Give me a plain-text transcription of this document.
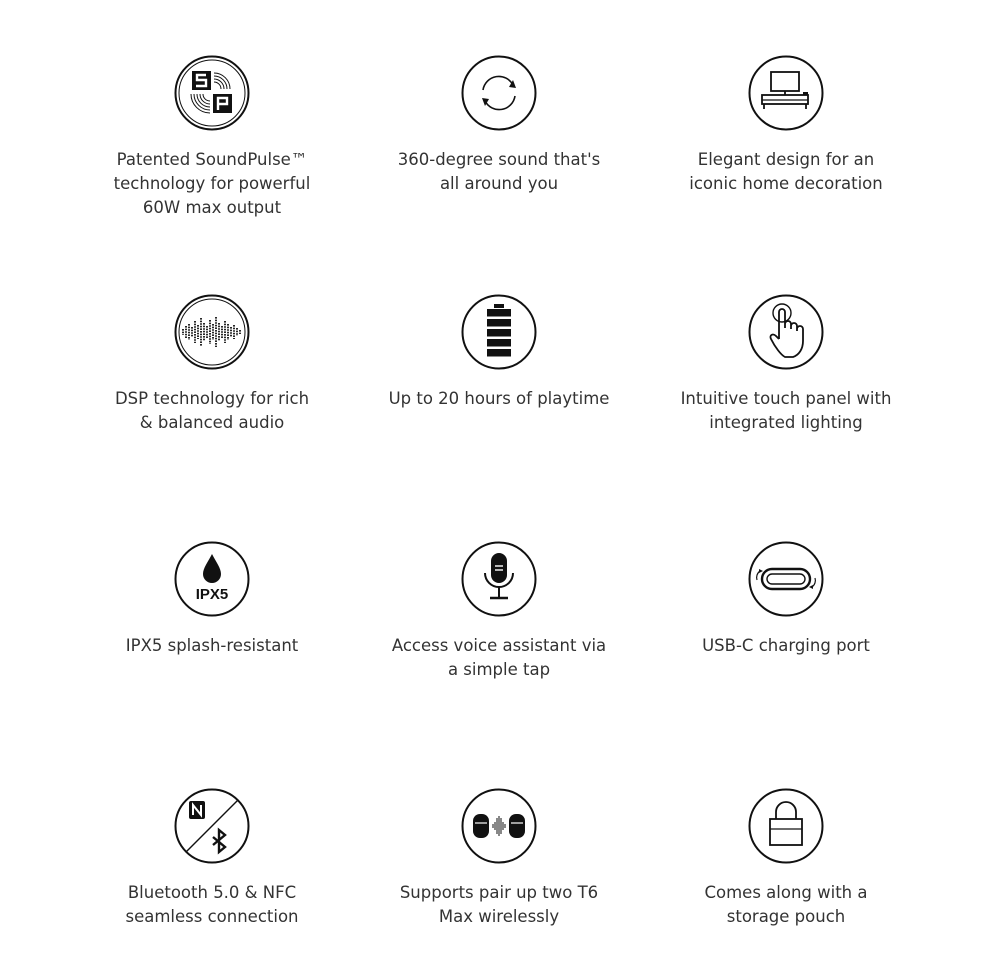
Patented SoundPulse™
technology for powerful
60W max output
360-degree sound that's
all around you
Elegant design for an
iconic home decoration
DSP technology for rich
& balanced audio
Up to 20 hours of playtime	Intuitive touch panel with
integrated lighting
IPX5
IPX5 splash-resistant	Access voice assistant via
a simple tap
USB-C charging port
Bluetooth 5.0 & NFC
seamless connection
Supports pair up two T6
Max wirelessly
Comes along with a
storage pouch
